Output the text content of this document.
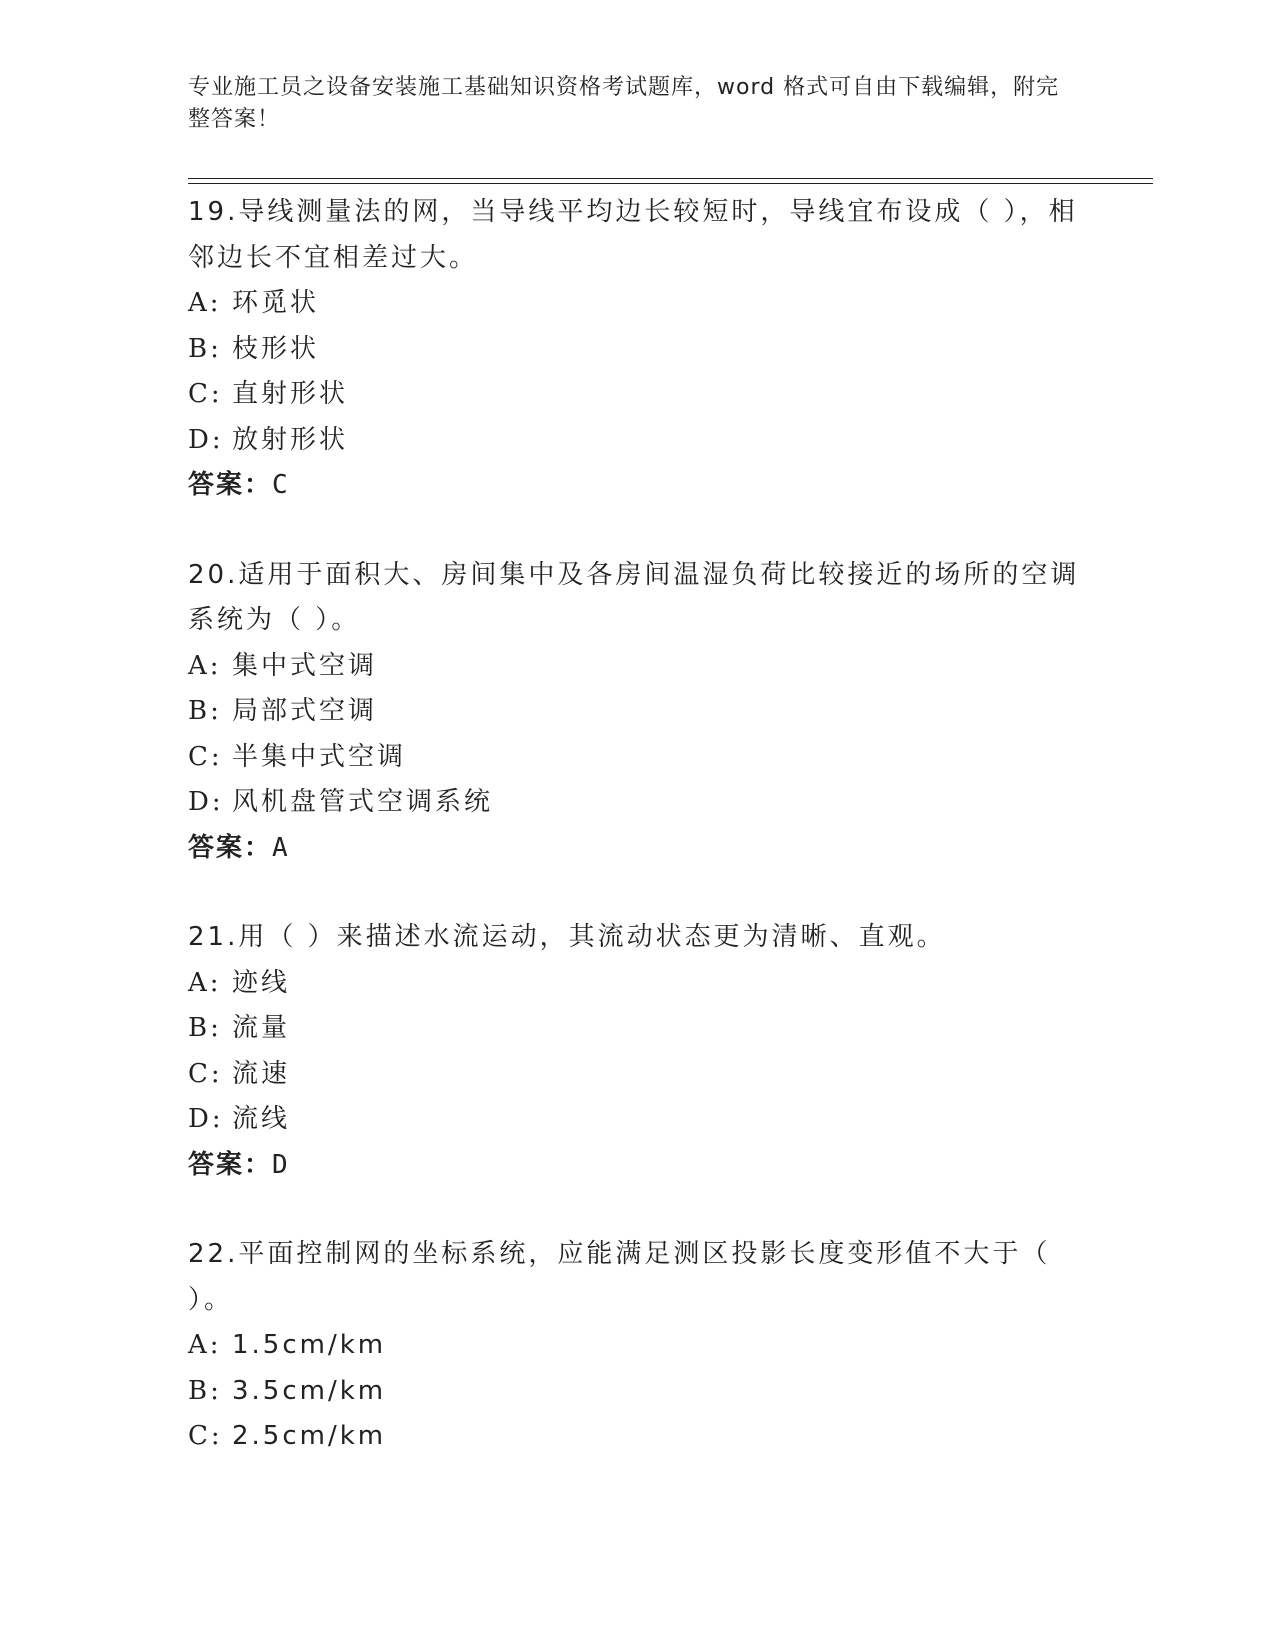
专业施工员之设备安装施工基础知识资格考试题库，word 格式可自由下载编辑，附完整答案！

19.导线测量法的网，当导线平均边长较短时，导线宜布设成（ ），相邻边长不宜相差过大。

A: 环觅状
B: 枝形状
C: 直射形状
D: 放射形状

答案：C

20.适用于面积大、房间集中及各房间温湿负荷比较接近的场所的空调系统为（ ）。

A: 集中式空调
B: 局部式空调
C: 半集中式空调
D: 风机盘管式空调系统

答案：A

21.用（ ）来描述水流运动，其流动状态更为清晰、直观。

A: 迹线
B: 流量
C: 流速
D: 流线

答案：D

22.平面控制网的坐标系统，应能满足测区投影长度变形值不大于（ ）。

A: 1.5cm/km
B: 3.5cm/km
C: 2.5cm/km
